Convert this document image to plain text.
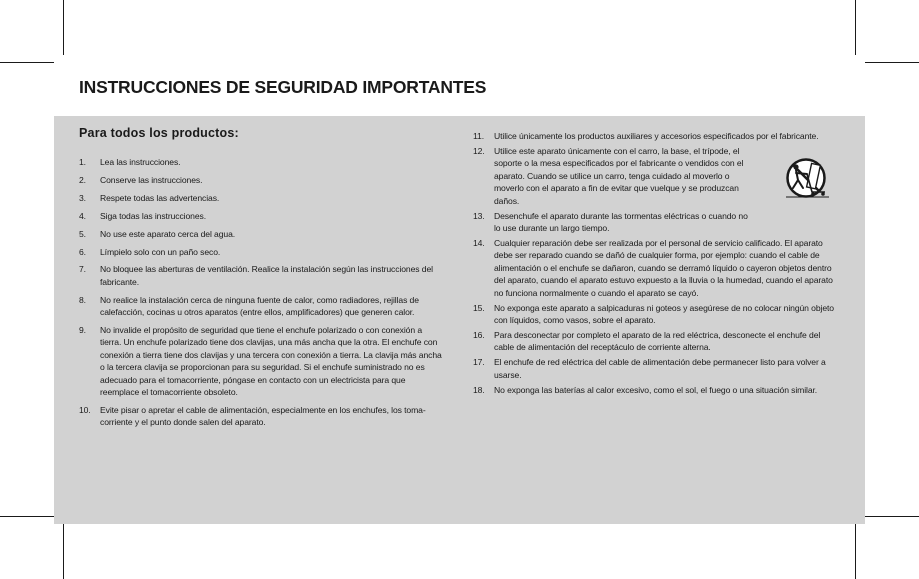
INSTRUCCIONES DE SEGURIDAD IMPORTANTES
Para todos los productos:
1. Lea las instrucciones.
2. Conserve las instrucciones.
3. Respete todas las advertencias.
4. Siga todas las instrucciones.
5. No use este aparato cerca del agua.
6. Límpielo solo con un paño seco.
7. No bloquee las aberturas de ventilación. Realice la instalación según las instrucciones del fabricante.
8. No realice la instalación cerca de ninguna fuente de calor, como radiadores, rejillas de calefacción, cocinas u otros aparatos (entre ellos, amplificadores) que generen calor.
9. No invalide el propósito de seguridad que tiene el enchufe polarizado o con conexión a tierra. Un enchufe polarizado tiene dos clavijas, una más ancha que la otra. El enchufe con conexión a tierra tiene dos clavijas y una tercera con conexión a tierra. La clavija más ancha o la tercera clavija se proporcionan para su seguridad. Si el enchufe suministrado no es adecuado para el tomacorriente, póngase en contacto con un electricista para que reemplace el tomacorriente obsoleto.
10. Evite pisar o apretar el cable de alimentación, especialmente en los enchufes, los toma-corriente y el punto donde salen del aparato.
11. Utilice únicamente los productos auxiliares y accesorios especificados por el fabricante.
12. Utilice este aparato únicamente con el carro, la base, el trípode, el soporte o la mesa especificados por el fabricante o vendidos con el aparato. Cuando se utilice un carro, tenga cuidado al moverlo o moverlo con el aparato a fin de evitar que vuelque y se produzcan daños.
13. Desenchufe el aparato durante las tormentas eléctricas o cuando no lo use durante un largo tiempo.
14. Cualquier reparación debe ser realizada por el personal de servicio calificado. El aparato debe ser reparado cuando se dañó de cualquier forma, por ejemplo: cuando el cable de alimentación o el enchufe se dañaron, cuando se derramó líquido o cayeron objetos dentro del aparato, cuando el aparato estuvo expuesto a la lluvia o la humedad, cuando el aparato no funciona normalmente o cuando el aparato se cayó.
15. No exponga este aparato a salpicaduras ni goteos y asegúrese de no colocar ningún objeto con líquidos, como vasos, sobre el aparato.
16. Para desconectar por completo el aparato de la red eléctrica, desconecte el enchufe del cable de alimentación del receptáculo de corriente alterna.
17. El enchufe de red eléctrica del cable de alimentación debe permanecer listo para volver a usarse.
18. No exponga las baterías al calor excesivo, como el sol, el fuego o una situación similar.
